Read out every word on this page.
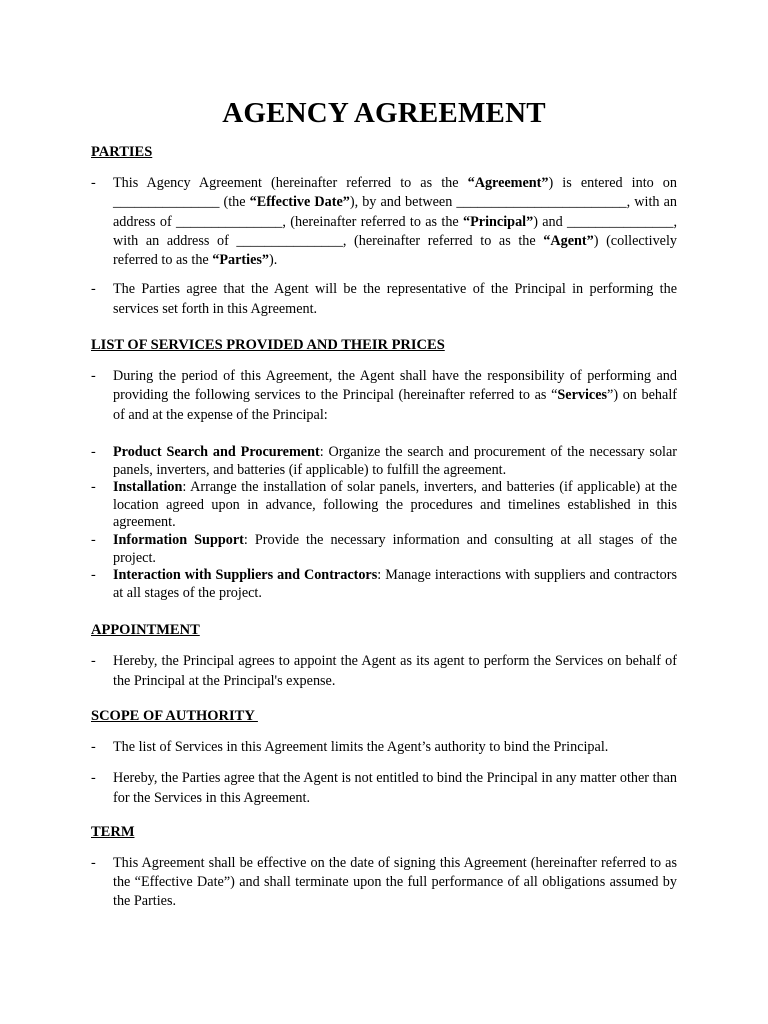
AGENCY AGREEMENT
PARTIES

- This Agency Agreement (hereinafter referred to as the “Agreement”) is entered into on _______________ (the “Effective Date”), by and between ________________________, with an address of _______________, (hereinafter referred to as the “Principal”) and _______________, with an address of _______________, (hereinafter referred to as the “Agent”) (collectively referred to as the “Parties”).

- The Parties agree that the Agent will be the representative of the Principal in performing the services set forth in this Agreement.

LIST OF SERVICES PROVIDED AND THEIR PRICES

- During the period of this Agreement, the Agent shall have the responsibility of performing and providing the following services to the Principal (hereinafter referred to as “Services”) on behalf of and at the expense of the Principal:

- Product Search and Procurement: Organize the search and procurement of the necessary solar panels, inverters, and batteries (if applicable) to fulfill the agreement.

- Installation: Arrange the installation of solar panels, inverters, and batteries (if applicable) at the location agreed upon in advance, following the procedures and timelines established in this agreement.

- Information Support: Provide the necessary information and consulting at all stages of the project.

- Interaction with Suppliers and Contractors: Manage interactions with suppliers and contractors at all stages of the project.

APPOINTMENT

- Hereby, the Principal agrees to appoint the Agent as its agent to perform the Services on behalf of the Principal at the Principal's expense.

SCOPE OF AUTHORITY

- The list of Services in this Agreement limits the Agent’s authority to bind the Principal.

- Hereby, the Parties agree that the Agent is not entitled to bind the Principal in any matter other than for the Services in this Agreement.

TERM

- This Agreement shall be effective on the date of signing this Agreement (hereinafter referred to as the “Effective Date”) and shall terminate upon the full performance of all obligations assumed by the Parties.
